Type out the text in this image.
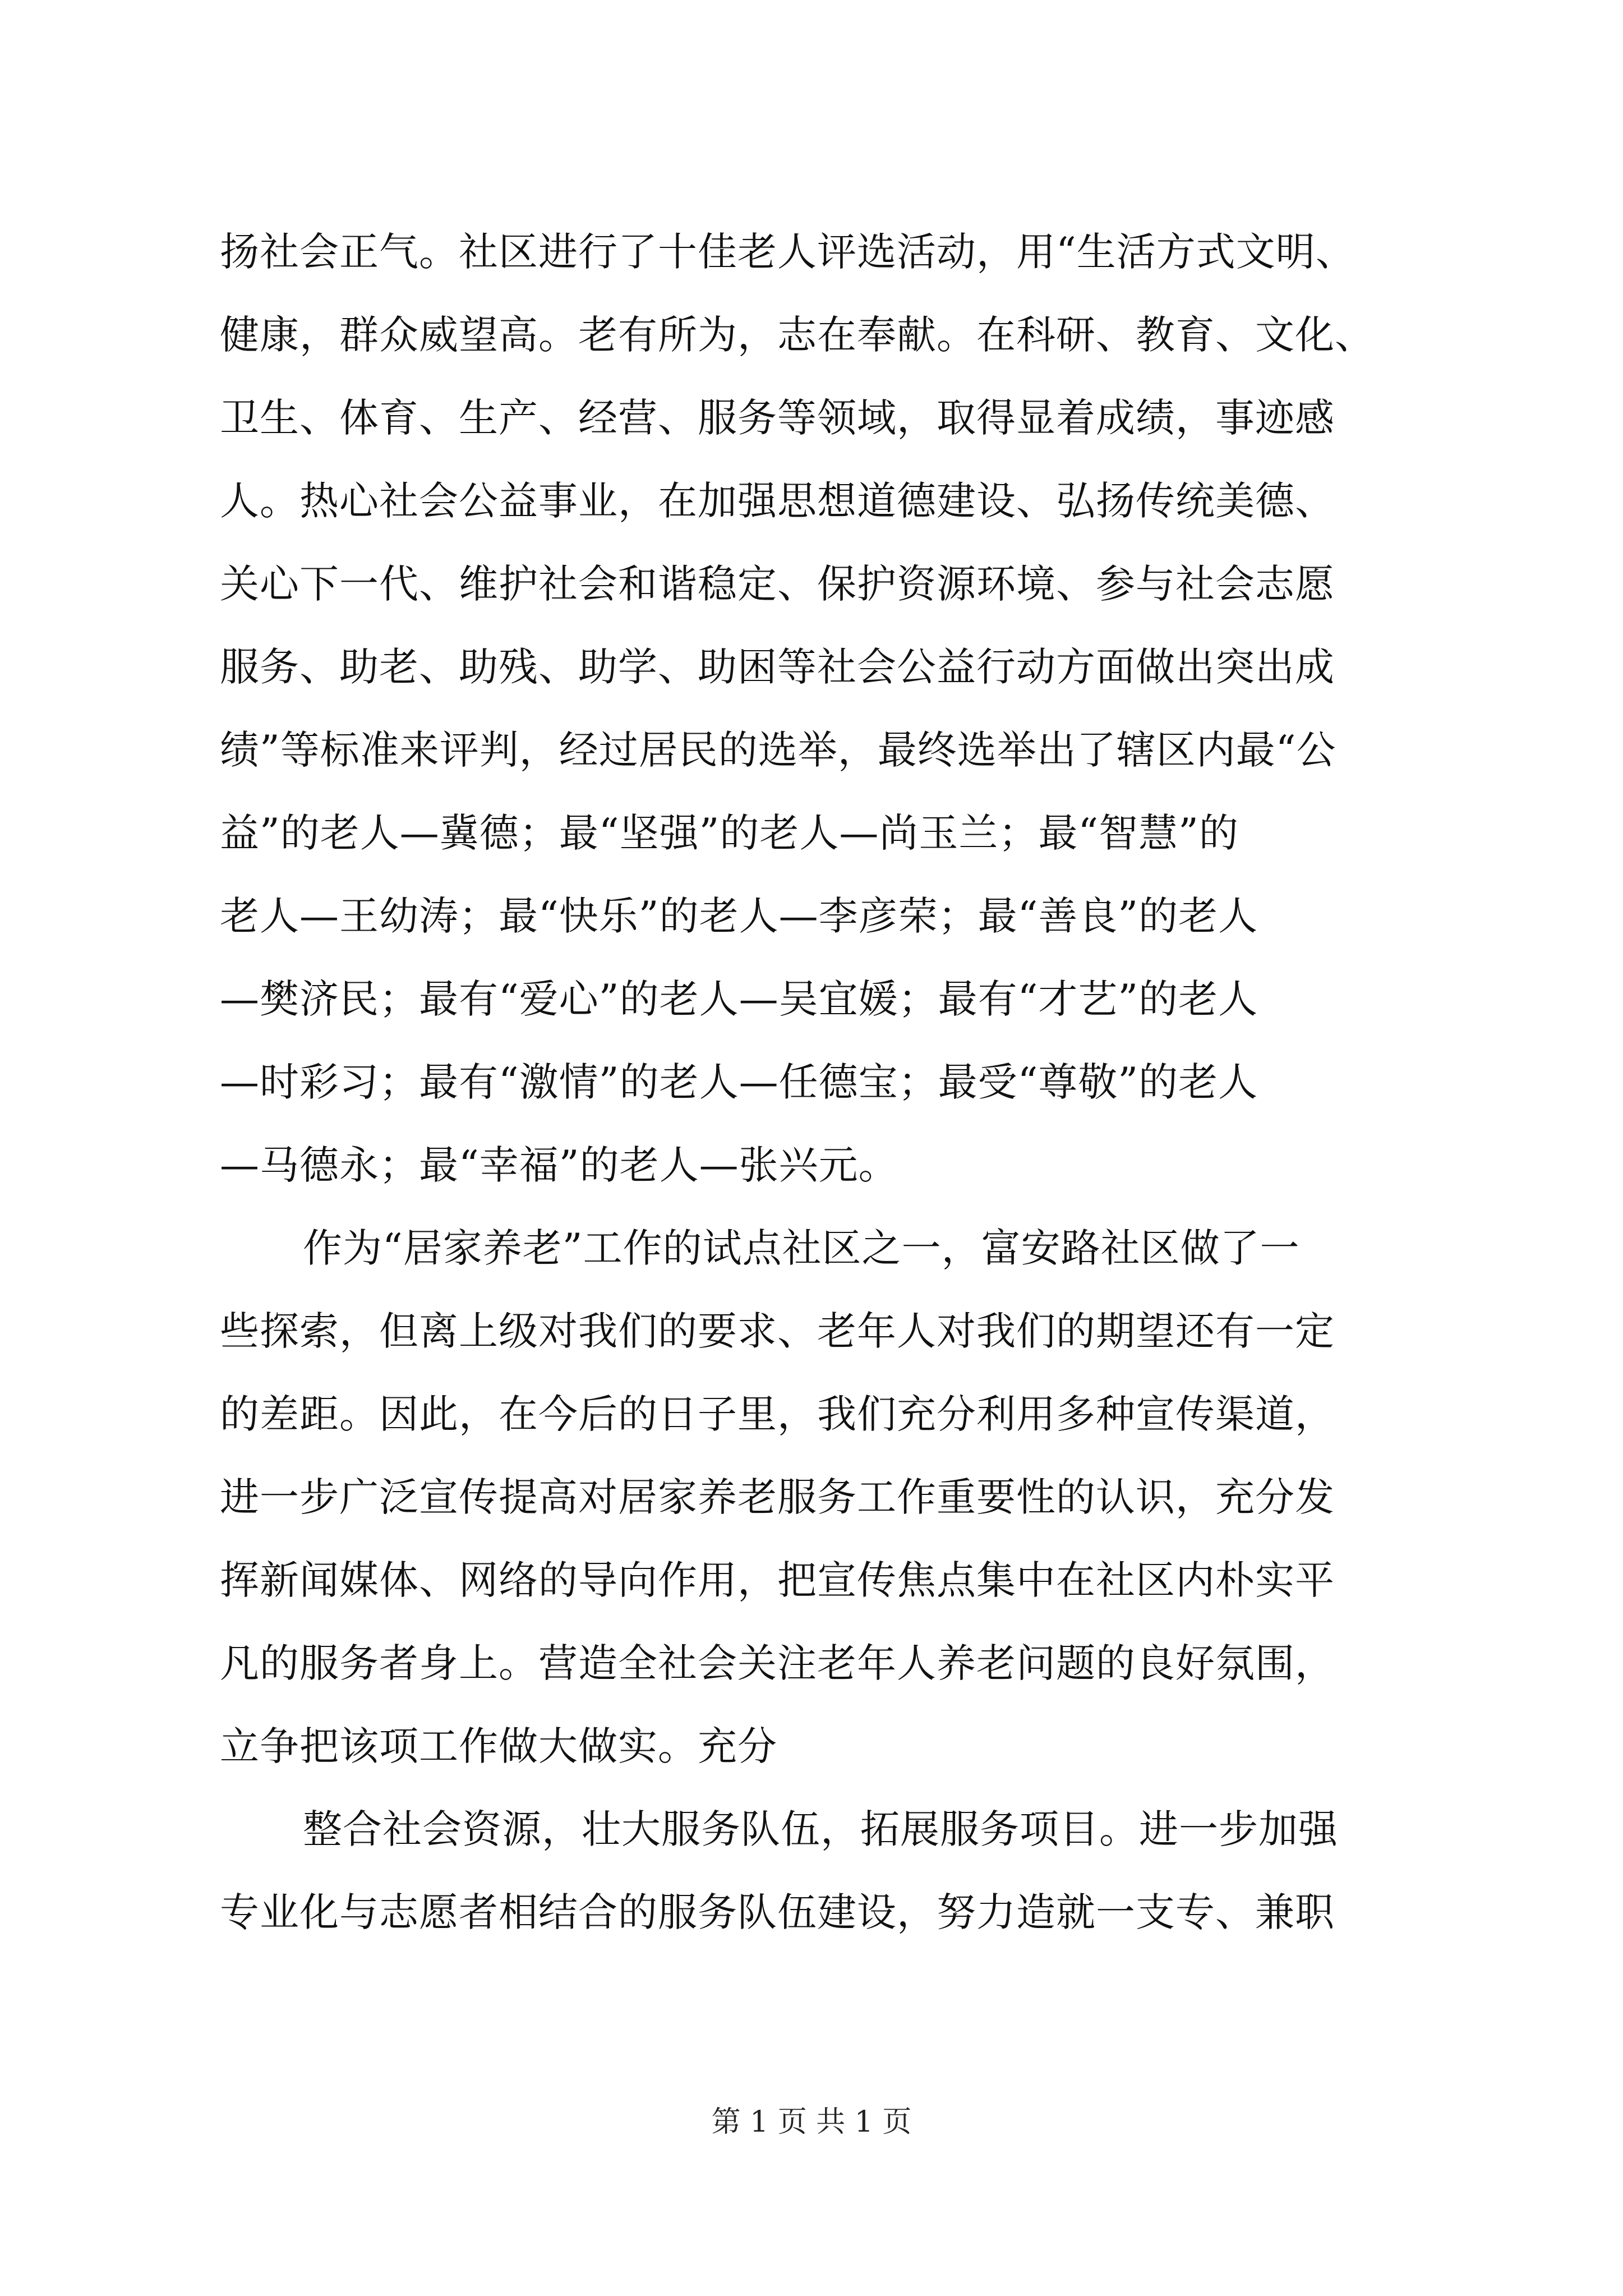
扬社会正气。社区进行了十佳老人评选活动，用“生活方式文明、
健康，群众威望高。老有所为，志在奉献。在科研、教育、文化、
卫生、体育、生产、经营、服务等领域，取得显着成绩，事迹感
人。热心社会公益事业，在加强思想道德建设、弘扬传统美德、
关心下一代、维护社会和谐稳定、保护资源环境、参与社会志愿
服务、助老、助残、助学、助困等社会公益行动方面做出突出成
绩”等标准来评判，经过居民的选举，最终选举出了辖区内最“公
益”的老人—冀德；最“坚强”的老人—尚玉兰；最“智慧”的
老人—王幼涛；最“快乐”的老人—李彦荣；最“善良”的老人
—樊济民；最有“爱心”的老人—吴宜媛；最有“才艺”的老人
—时彩习；最有“激情”的老人—任德宝；最受“尊敬”的老人
—马德永；最“幸福”的老人—张兴元。
作为“居家养老”工作的试点社区之一，富安路社区做了一
些探索，但离上级对我们的要求、老年人对我们的期望还有一定
的差距。因此，在今后的日子里，我们充分利用多种宣传渠道，
进一步广泛宣传提高对居家养老服务工作重要性的认识，充分发
挥新闻媒体、网络的导向作用，把宣传焦点集中在社区内朴实平
凡的服务者身上。营造全社会关注老年人养老问题的良好氛围，
立争把该项工作做大做实。充分
整合社会资源，壮大服务队伍，拓展服务项目。进一步加强
专业化与志愿者相结合的服务队伍建设，努力造就一支专、兼职
第 1 页 共 1 页
